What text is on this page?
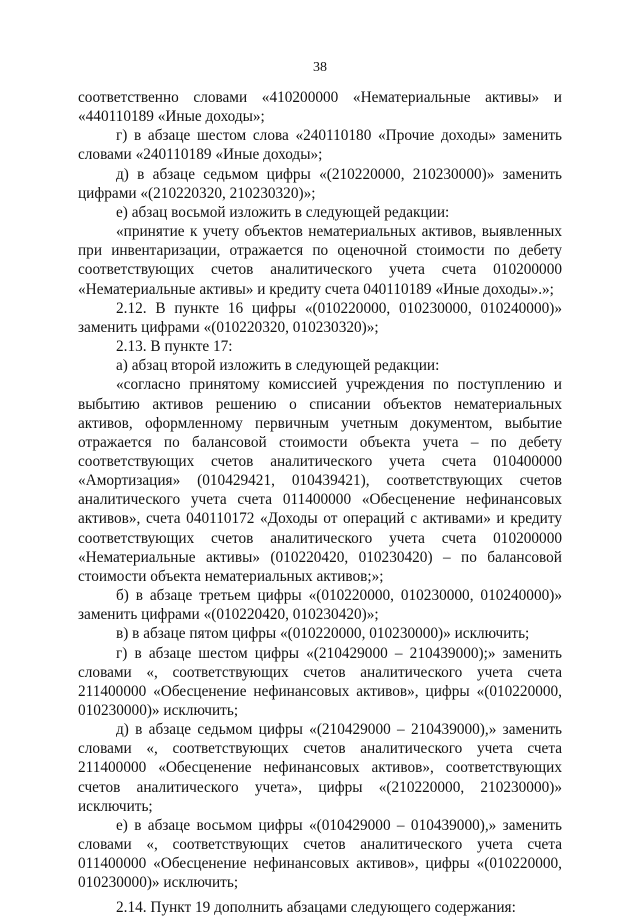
38

соответственно словами «410200000 «Нематериальные активы» и «440110189 «Иные доходы»;

г) в абзаце шестом слова «240110180 «Прочие доходы» заменить словами «240110189 «Иные доходы»;

д) в абзаце седьмом цифры «(210220000, 210230000)» заменить цифрами «(210220320, 210230320)»;

е) абзац восьмой изложить в следующей редакции:

«принятие к учету объектов нематериальных активов, выявленных при инвентаризации, отражается по оценочной стоимости по дебету соответствующих счетов аналитического учета счета 010200000 «Нематериальные активы» и кредиту счета 040110189 «Иные доходы».»;

2.12. В пункте 16 цифры «(010220000, 010230000, 010240000)» заменить цифрами «(010220320, 010230320)»;

2.13. В пункте 17:

а) абзац второй изложить в следующей редакции:

«согласно принятому комиссией учреждения по поступлению и выбытию активов решению о списании объектов нематериальных активов, оформленному первичным учетным документом, выбытие отражается по балансовой стоимости объекта учета – по дебету соответствующих счетов аналитического учета счета 010400000 «Амортизация» (010429421, 010439421), соответствующих счетов аналитического учета счета 011400000 «Обесценение нефинансовых активов», счета 040110172 «Доходы от операций с активами» и кредиту соответствующих счетов аналитического учета счета 010200000 «Нематериальные активы» (010220420, 010230420) – по балансовой стоимости объекта нематериальных активов;»;

б) в абзаце третьем цифры «(010220000, 010230000, 010240000)» заменить цифрами «(010220420, 010230420)»;

в) в абзаце пятом цифры «(010220000, 010230000)» исключить;

г) в абзаце шестом цифры «(210429000 – 210439000);» заменить словами «, соответствующих счетов аналитического учета счета 211400000 «Обесценение нефинансовых активов», цифры «(010220000, 010230000)» исключить;

д) в абзаце седьмом цифры «(210429000 – 210439000),» заменить словами «, соответствующих счетов аналитического учета счета 211400000 «Обесценение нефинансовых активов», соответствующих счетов аналитического учета», цифры «(210220000, 210230000)» исключить;

е) в абзаце восьмом цифры «(010429000 – 010439000),» заменить словами «, соответствующих счетов аналитического учета счета 011400000 «Обесценение нефинансовых активов», цифры «(010220000, 010230000)» исключить;

2.14. Пункт 19 дополнить абзацами следующего содержания:
